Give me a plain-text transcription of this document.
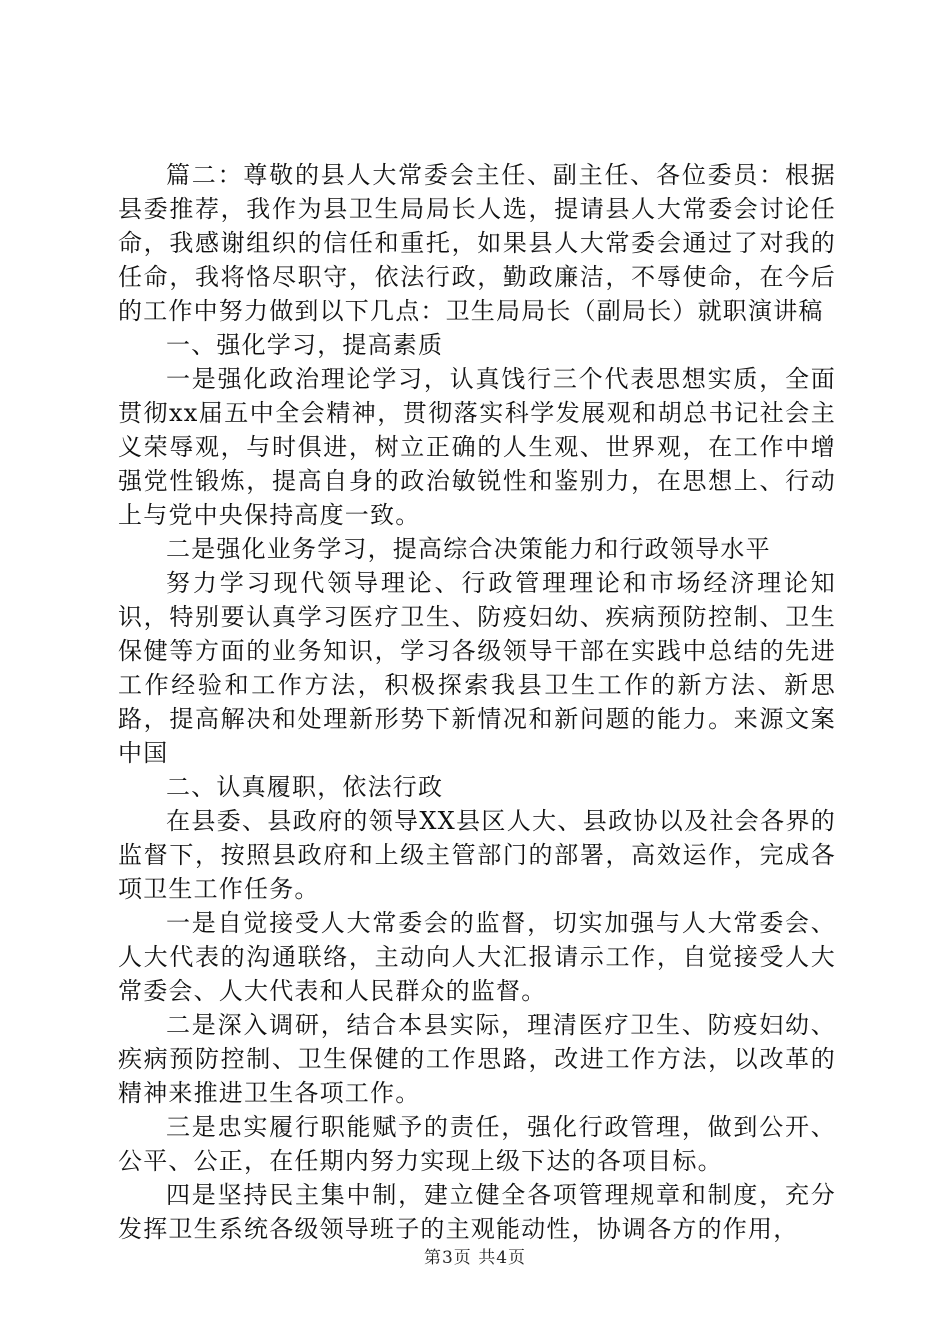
篇二：尊敬的县人大常委会主任、副主任、各位委员：根据县委推荐，我作为县卫生局局长人选，提请县人大常委会讨论任命，我感谢组织的信任和重托，如果县人大常委会通过了对我的任命，我将恪尽职守，依法行政，勤政廉洁，不辱使命，在今后的工作中努力做到以下几点：卫生局局长（副局长）就职演讲稿

一、强化学习，提高素质

一是强化政治理论学习，认真饯行三个代表思想实质，全面贯彻xx届五中全会精神，贯彻落实科学发展观和胡总书记社会主义荣辱观，与时俱进，树立正确的人生观、世界观，在工作中增强党性锻炼，提高自身的政治敏锐性和鉴别力，在思想上、行动上与党中央保持高度一致。

二是强化业务学习，提高综合决策能力和行政领导水平

努力学习现代领导理论、行政管理理论和市场经济理论知识，特别要认真学习医疗卫生、防疫妇幼、疾病预防控制、卫生保健等方面的业务知识，学习各级领导干部在实践中总结的先进工作经验和工作方法，积极探索我县卫生工作的新方法、新思路，提高解决和处理新形势下新情况和新问题的能力。来源文案中国

二、认真履职，依法行政

在县委、县政府的领导XX县区人大、县政协以及社会各界的监督下，按照县政府和上级主管部门的部署，高效运作，完成各项卫生工作任务。

一是自觉接受人大常委会的监督，切实加强与人大常委会、人大代表的沟通联络，主动向人大汇报请示工作，自觉接受人大常委会、人大代表和人民群众的监督。

二是深入调研，结合本县实际，理清医疗卫生、防疫妇幼、疾病预防控制、卫生保健的工作思路，改进工作方法，以改革的精神来推进卫生各项工作。

三是忠实履行职能赋予的责任，强化行政管理，做到公开、公平、公正，在任期内努力实现上级下达的各项目标。

四是坚持民主集中制，建立健全各项管理规章和制度，充分发挥卫生系统各级领导班子的主观能动性，协调各方的作用，

第3页 共4页
